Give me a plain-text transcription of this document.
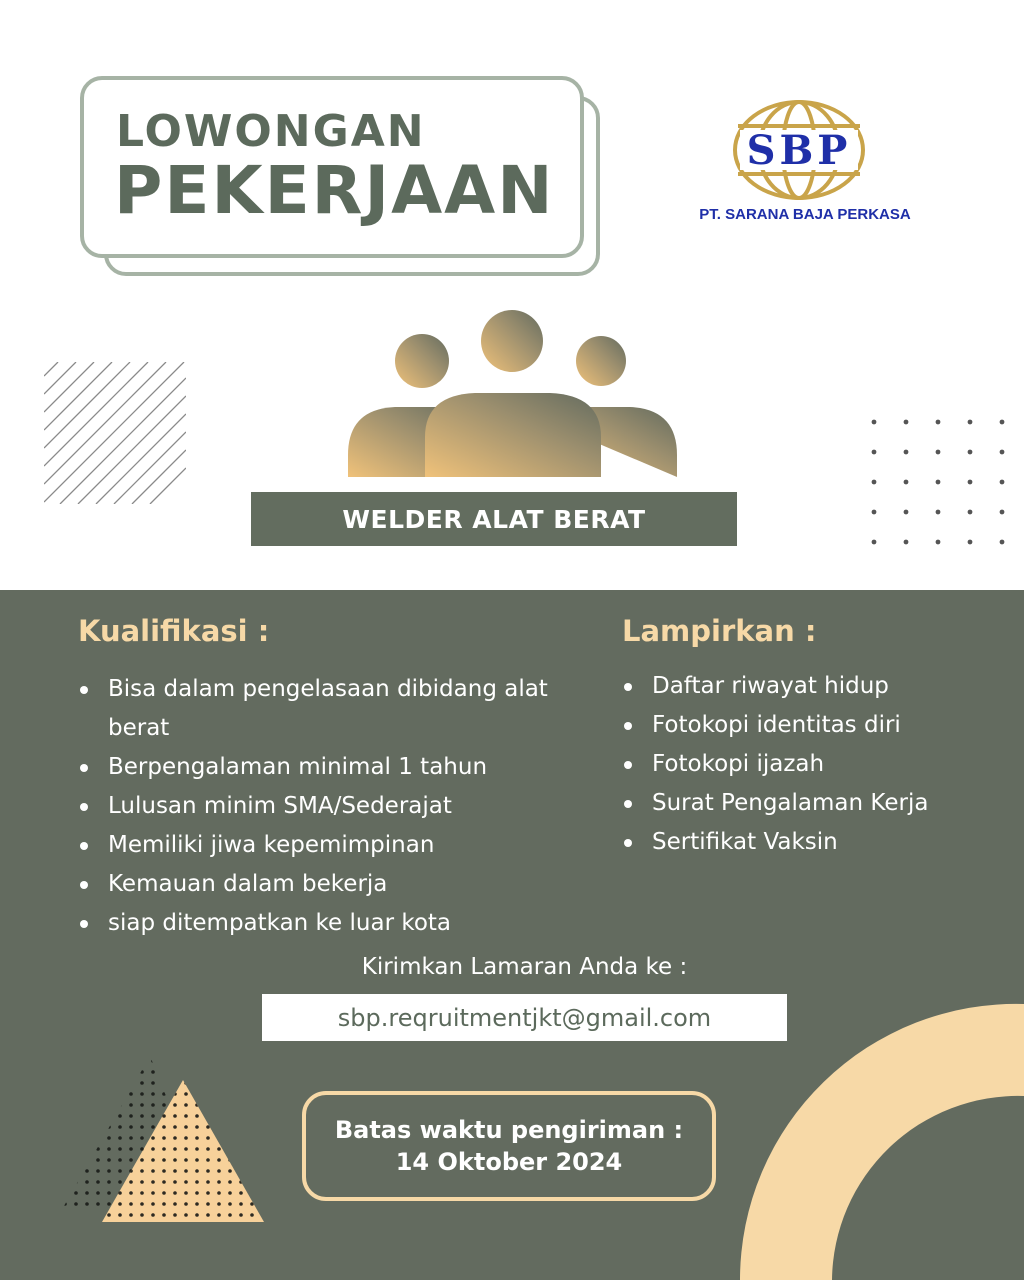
LOWONGAN
PEKERJAAN
SBP
PT. SARANA BAJA PERKASA
WELDER ALAT BERAT
Kualifikasi :
Bisa dalam pengelasaan dibidang alat berat
Berpengalaman minimal 1 tahun
Lulusan minim SMA/Sederajat
Memiliki jiwa kepemimpinan
Kemauan dalam bekerja
siap ditempatkan ke luar kota
Lampirkan :
Daftar riwayat hidup
Fotokopi identitas diri
Fotokopi ijazah
Surat Pengalaman Kerja
Sertifikat Vaksin
Kirimkan Lamaran Anda ke :
sbp.reqruitmentjkt@gmail.com
Batas waktu pengiriman :
14 Oktober 2024
